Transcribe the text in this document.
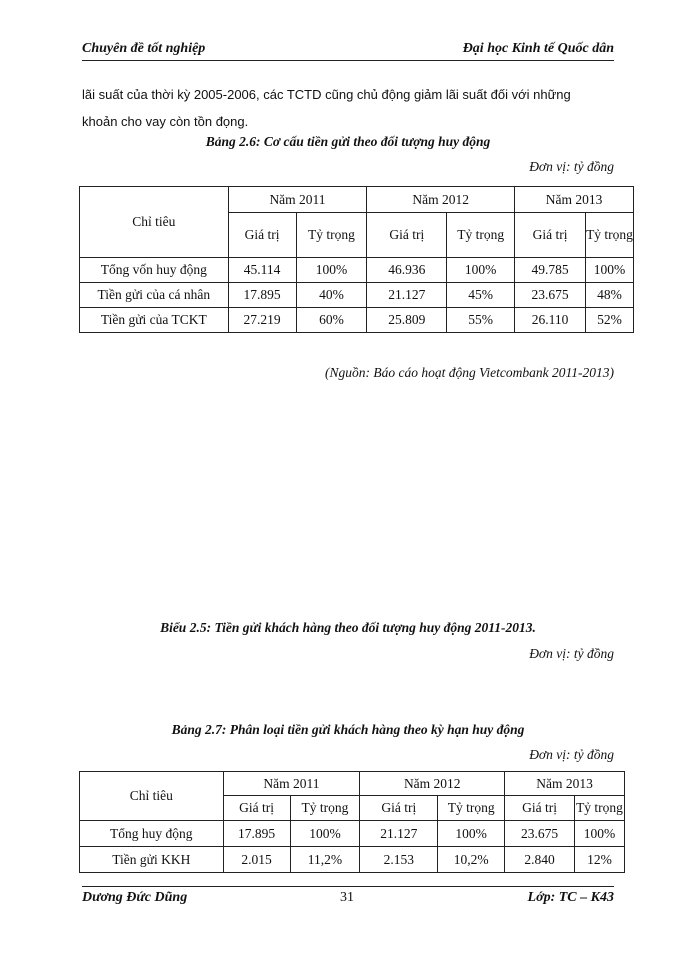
Chuyên đề tốt nghiệp	Đại học Kinh tế Quốc dân
lãi suất của thời kỳ 2005-2006, các TCTD cũng chủ động giảm lãi suất đối với những
khoản cho vay còn tồn đọng.
Bảng 2.6: Cơ cấu tiền gửi theo đối tượng huy động
Đơn vị: tỷ đồng
Chỉ tiêu	Năm 2011		Năm 2012		Năm 2013	
	Giá trị	Tỷ trọng	Giá trị	Tỷ trọng	Giá trị	Tỷ trọng
Tổng vốn huy động	45.114	100%	46.936	100%	49.785	100%
Tiền gửi của cá nhân	17.895	40%	21.127	45%	23.675	48%
Tiền gửi của TCKT	27.219	60%	25.809	55%	26.110	52%
(Nguồn: Báo cáo hoạt động Vietcombank 2011-2013)
Biểu 2.5: Tiền gửi khách hàng theo đối tượng huy động 2011-2013.
Đơn vị: tỷ đồng
Bảng 2.7: Phân loại tiền gửi khách hàng theo kỳ hạn huy động
Đơn vị: tỷ đồng
Chỉ tiêu	Năm 2011		Năm 2012		Năm 2013	
	Giá trị	Tỷ trọng	Giá trị	Tỷ trọng	Giá trị	Tỷ trọng
Tổng huy động	17.895	100%	21.127	100%	23.675	100%
Tiền gửi KKH	2.015	11,2%	2.153	10,2%	2.840	12%
Dương Đức Dũng	31	Lớp: TC – K43
